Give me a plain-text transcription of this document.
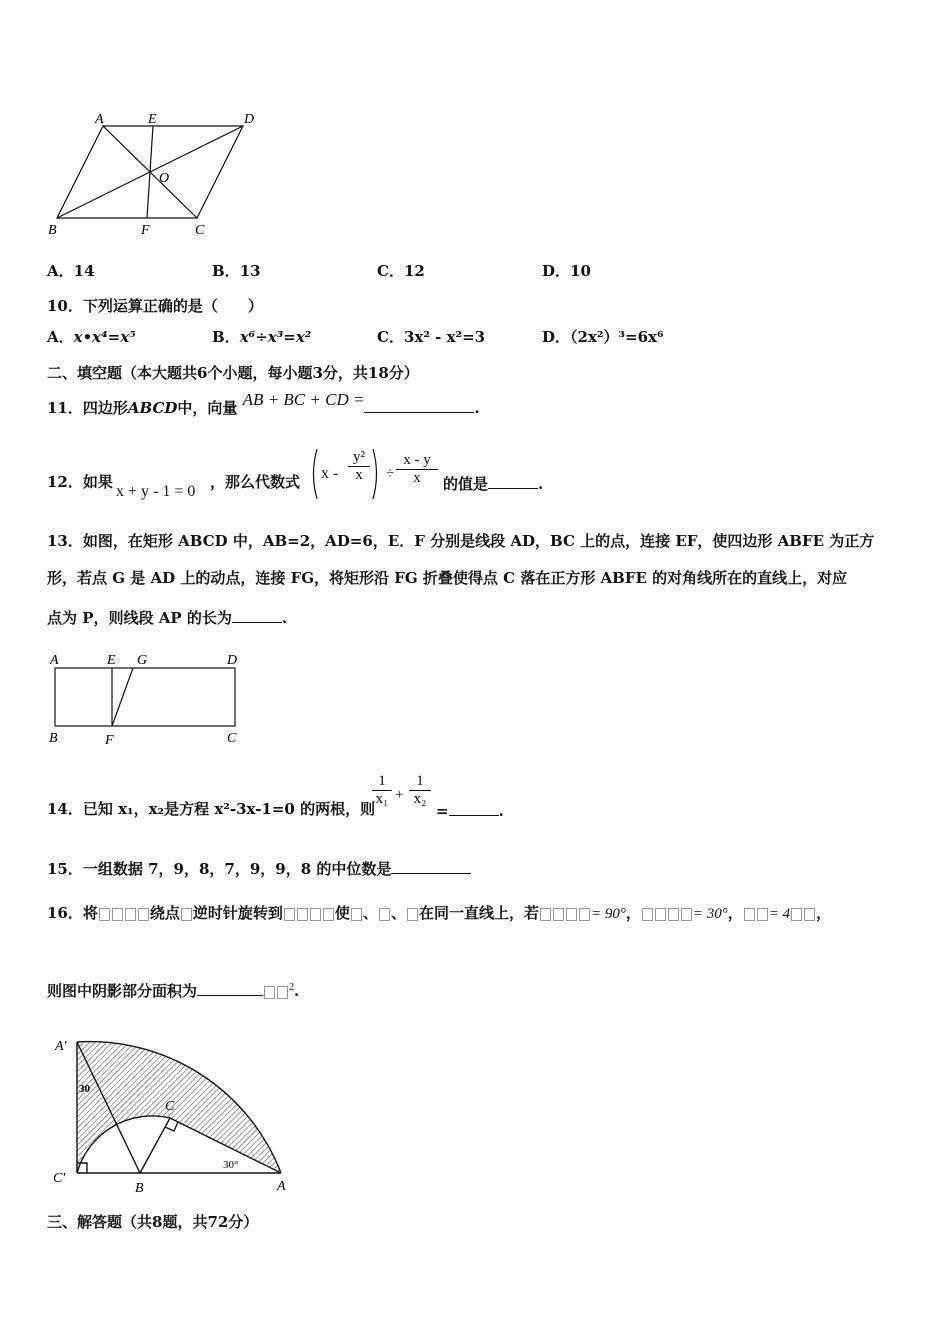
A	E	D
O
B	F	C
A．14	B．13	C．12	D．10
10．下列运算正确的是（　　）
A．x•x⁴=x⁵	B．x⁶÷x³=x²	C．3x² - x²=3	D．（2x²）³=6x⁶
二、填空题（本大题共6个小题，每小题3分，共18分）
11．四边形ABCD中，向量 AB + BC + CD =	.
12．如果
x + y - 1 = 0
，那么代数式 $x - \frac{\text{y²}}{x} \div \frac{x - y}{x}$ 的值是	.
13．如图，在矩形 ABCD 中，AB=2，AD=6，E．F 分别是线段 AD，BC 上的点，连接 EF，使四边形 ABFE 为正方
形，若点 G 是 AD 上的动点，连接 FG，将矩形沿 FG 折叠使得点 C 落在正方形 ABFE 的对角线所在的直线上，对应
点为 P，则线段 AP 的长为	.
A	E G	D
B	F	C
14．已知 x₁，x₂是方程 x²-3x-1=0 的两根，则
$\frac{1}{\text{x₁}} + \frac{1}{\text{x₂}}$
=	.
15．一组数据 7，9，8，7，9，9，8 的中位数是
16．将	绕点 逆时针旋转到	使 、 、 在同一直线上，若	= 90°，	= 30°， = 4 ，
则图中阴影部分面积为	$^2$.
A′
C′
B	A
C
30
30°
三、解答题（共8题，共72分）
